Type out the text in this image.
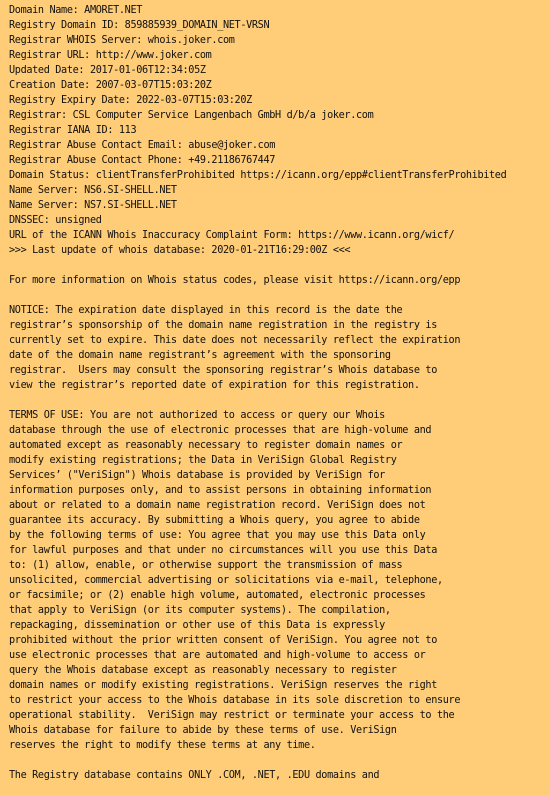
Domain Name: AMORET.NET
Registry Domain ID: 859885939_DOMAIN_NET-VRSN
Registrar WHOIS Server: whois.joker.com
Registrar URL: http://www.joker.com
Updated Date: 2017-01-06T12:34:05Z
Creation Date: 2007-03-07T15:03:20Z
Registry Expiry Date: 2022-03-07T15:03:20Z
Registrar: CSL Computer Service Langenbach GmbH d/b/a joker.com
Registrar IANA ID: 113
Registrar Abuse Contact Email: abuse@joker.com
Registrar Abuse Contact Phone: +49.21186767447
Domain Status: clientTransferProhibited https://icann.org/epp#clientTransferProhibited
Name Server: NS6.SI-SHELL.NET
Name Server: NS7.SI-SHELL.NET
DNSSEC: unsigned
URL of the ICANN Whois Inaccuracy Complaint Form: https://www.icann.org/wicf/
>>> Last update of whois database: 2020-01-21T16:29:00Z <<<
For more information on Whois status codes, please visit https://icann.org/epp
NOTICE: The expiration date displayed in this record is the date the
registrar’s sponsorship of the domain name registration in the registry is
currently set to expire. This date does not necessarily reflect the expiration
date of the domain name registrant’s agreement with the sponsoring
registrar.  Users may consult the sponsoring registrar’s Whois database to
view the registrar’s reported date of expiration for this registration.
TERMS OF USE: You are not authorized to access or query our Whois
database through the use of electronic processes that are high-volume and
automated except as reasonably necessary to register domain names or
modify existing registrations; the Data in VeriSign Global Registry
Services’ ("VeriSign") Whois database is provided by VeriSign for
information purposes only, and to assist persons in obtaining information
about or related to a domain name registration record. VeriSign does not
guarantee its accuracy. By submitting a Whois query, you agree to abide
by the following terms of use: You agree that you may use this Data only
for lawful purposes and that under no circumstances will you use this Data
to: (1) allow, enable, or otherwise support the transmission of mass
unsolicited, commercial advertising or solicitations via e-mail, telephone,
or facsimile; or (2) enable high volume, automated, electronic processes
that apply to VeriSign (or its computer systems). The compilation,
repackaging, dissemination or other use of this Data is expressly
prohibited without the prior written consent of VeriSign. You agree not to
use electronic processes that are automated and high-volume to access or
query the Whois database except as reasonably necessary to register
domain names or modify existing registrations. VeriSign reserves the right
to restrict your access to the Whois database in its sole discretion to ensure
operational stability.  VeriSign may restrict or terminate your access to the
Whois database for failure to abide by these terms of use. VeriSign
reserves the right to modify these terms at any time.
The Registry database contains ONLY .COM, .NET, .EDU domains and
